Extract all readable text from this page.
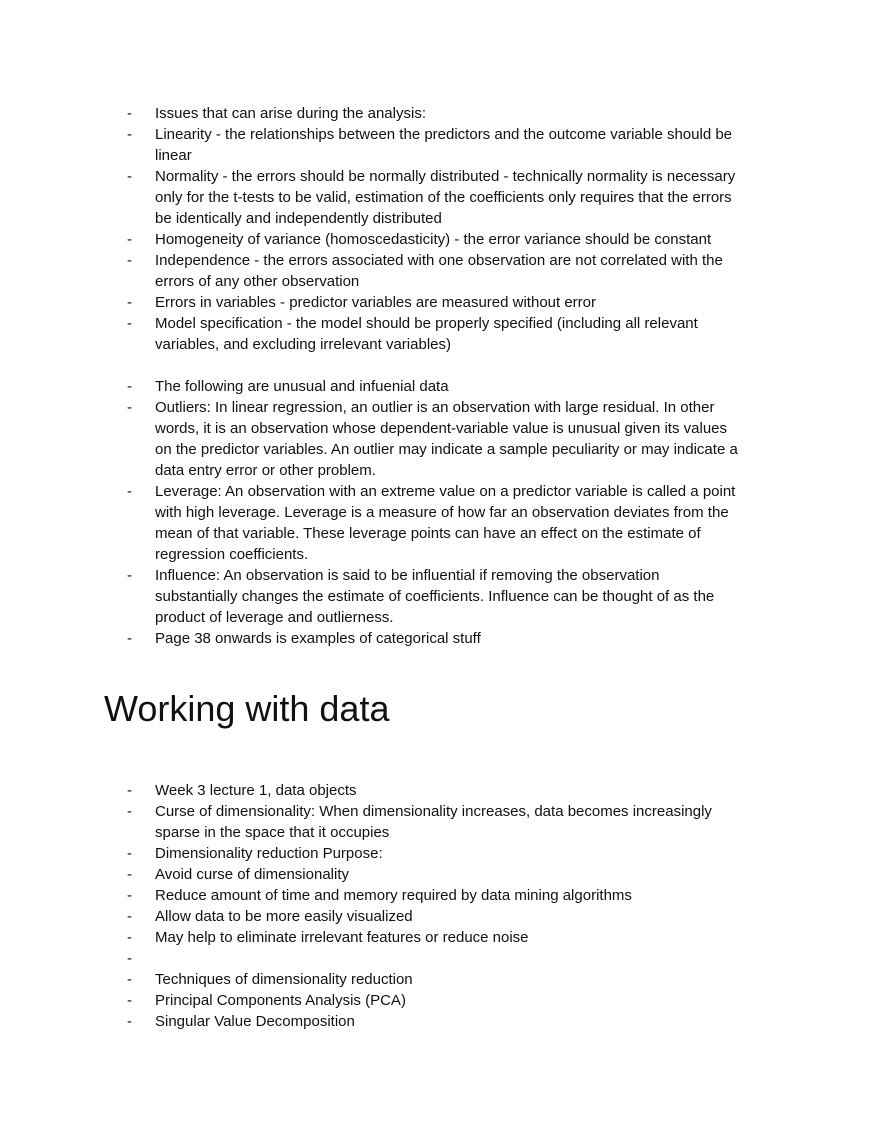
- Issues that can arise during the analysis:
- Linearity - the relationships between the predictors and the outcome variable should be
linear
- Normality - the errors should be normally distributed - technically normality is necessary
only for the t-tests to be valid, estimation of the coefficients only requires that the errors
be identically and independently distributed
- Homogeneity of variance (homoscedasticity) - the error variance should be constant
- Independence - the errors associated with one observation are not correlated with the
errors of any other observation
- Errors in variables - predictor variables are measured without error
- Model specification - the model should be properly specified (including all relevant
variables, and excluding irrelevant variables)
- The following are unusual and infuenial data
- Outliers: In linear regression, an outlier is an observation with large residual. In other
words, it is an observation whose dependent-variable value is unusual given its values
on the predictor variables. An outlier may indicate a sample peculiarity or may indicate a
data entry error or other problem.
- Leverage: An observation with an extreme value on a predictor variable is called a point
with high leverage. Leverage is a measure of how far an observation deviates from the
mean of that variable. These leverage points can have an effect on the estimate of
regression coefficients.
- Influence: An observation is said to be influential if removing the observation
substantially changes the estimate of coefficients. Influence can be thought of as the
product of leverage and outlierness.
- Page 38 onwards is examples of categorical stuff
Working with data
- Week 3 lecture 1, data objects
- Curse of dimensionality: When dimensionality increases, data becomes increasingly
sparse in the space that it occupies
- Dimensionality reduction Purpose:
- Avoid curse of dimensionality
- Reduce amount of time and memory required by data mining algorithms
- Allow data to be more easily visualized
- May help to eliminate irrelevant features or reduce noise
-
- Techniques of dimensionality reduction
- Principal Components Analysis (PCA)
- Singular Value Decomposition
